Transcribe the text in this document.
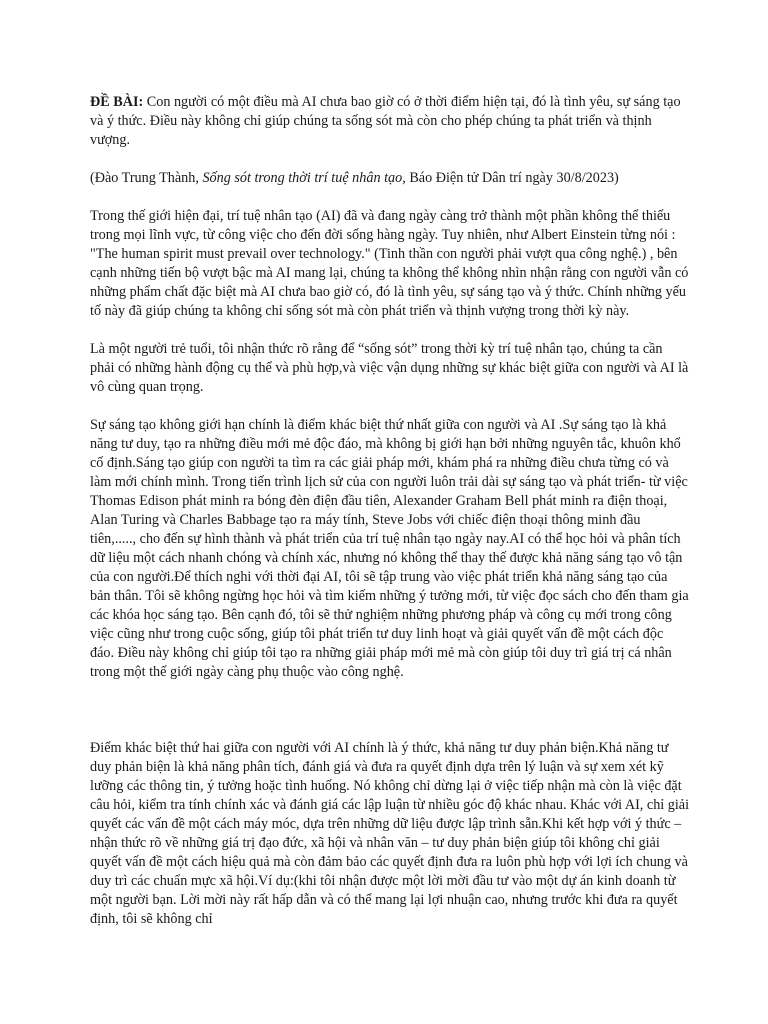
ĐỀ BÀI: Con người có một điều mà AI chưa bao giờ có ở thời điểm hiện tại, đó là tình yêu, sự sáng tạo và ý thức. Điều này không chỉ giúp chúng ta sống sót mà còn cho phép chúng ta phát triển và thịnh vượng.

(Đào Trung Thành, Sống sót trong thời trí tuệ nhân tạo, Báo Điện tử Dân trí ngày 30/8/2023)

Trong thế giới hiện đại, trí tuệ nhân tạo (AI) đã và đang ngày càng trở thành một phần không thể thiếu trong mọi lĩnh vực, từ công việc cho đến đời sống hàng ngày. Tuy nhiên, như Albert Einstein từng nói : "The human spirit must prevail over technology." (Tinh thần con người phải vượt qua công nghệ.) , bên cạnh những tiến bộ vượt bậc mà AI mang lại, chúng ta không thể không nhìn nhận rằng con người vẫn có những phẩm chất đặc biệt mà AI chưa bao giờ có, đó là tình yêu, sự sáng tạo và ý thức. Chính những yếu tố này đã giúp chúng ta không chỉ sống sót mà còn phát triển và thịnh vượng trong thời kỳ này.

Là một người trẻ tuổi, tôi nhận thức rõ rằng để “sống sót” trong thời kỳ trí tuệ nhân tạo, chúng ta cần phải có những hành động cụ thể và phù hợp,và việc vận dụng những sự khác biệt giữa con người và AI là vô cùng quan trọng.

Sự sáng tạo không giới hạn chính là điểm khác biệt thứ nhất giữa con người và AI .Sự sáng tạo là khả năng tư duy, tạo ra những điều mới mẻ độc đáo, mà không bị giới hạn bởi những nguyên tắc, khuôn khổ cố định.Sáng tạo giúp con người ta tìm ra các giải pháp mới, khám phá ra những điều chưa từng có và làm mới chính mình. Trong tiến trình lịch sử của con người luôn trải dài sự sáng tạo và phát triển- từ việc Thomas Edison phát minh ra bóng đèn điện đầu tiên, Alexander Graham Bell phát minh ra điện thoại, Alan Turing và Charles Babbage tạo ra máy tính, Steve Jobs với chiếc điện thoại thông minh đầu tiên,....., cho đến sự hình thành và phát triển của trí tuệ nhân tạo ngày nay.AI có thể học hỏi và phân tích dữ liệu một cách nhanh chóng và chính xác, nhưng nó không thể thay thế được khả năng sáng tạo vô tận của con người.Để thích nghi với thời đại AI, tôi sẽ tập trung vào việc phát triển khả năng sáng tạo của bản thân. Tôi sẽ không ngừng học hỏi và tìm kiếm những ý tưởng mới, từ việc đọc sách cho đến tham gia các khóa học sáng tạo. Bên cạnh đó, tôi sẽ thử nghiệm những phương pháp và công cụ mới trong công việc cũng như trong cuộc sống, giúp tôi phát triển tư duy linh hoạt và giải quyết vấn đề một cách độc đáo. Điều này không chỉ giúp tôi tạo ra những giải pháp mới mẻ mà còn giúp tôi duy trì giá trị cá nhân trong một thế giới ngày càng phụ thuộc vào công nghệ.

Điểm khác biệt thứ hai giữa con người với AI chính là ý thức, khả năng tư duy phản biện.Khả năng tư duy phản biện là khả năng phân tích, đánh giá và đưa ra quyết định dựa trên lý luận và sự xem xét kỹ lưỡng các thông tin, ý tưởng hoặc tình huống. Nó không chỉ dừng lại ở việc tiếp nhận mà còn là việc đặt câu hỏi, kiểm tra tính chính xác và đánh giá các lập luận từ nhiều góc độ khác nhau. Khác với AI, chỉ giải quyết các vấn đề một cách máy móc, dựa trên những dữ liệu được lập trình sẵn.Khi kết hợp với ý thức – nhận thức rõ về những giá trị đạo đức, xã hội và nhân văn – tư duy phản biện giúp tôi không chỉ giải quyết vấn đề một cách hiệu quả mà còn đảm bảo các quyết định đưa ra luôn phù hợp với lợi ích chung và duy trì các chuẩn mực xã hội.Ví dụ:(khi tôi nhận được một lời mời đầu tư vào một dự án kinh doanh từ một người bạn. Lời mời này rất hấp dẫn và có thể mang lại lợi nhuận cao, nhưng trước khi đưa ra quyết định, tôi sẽ không chỉ
